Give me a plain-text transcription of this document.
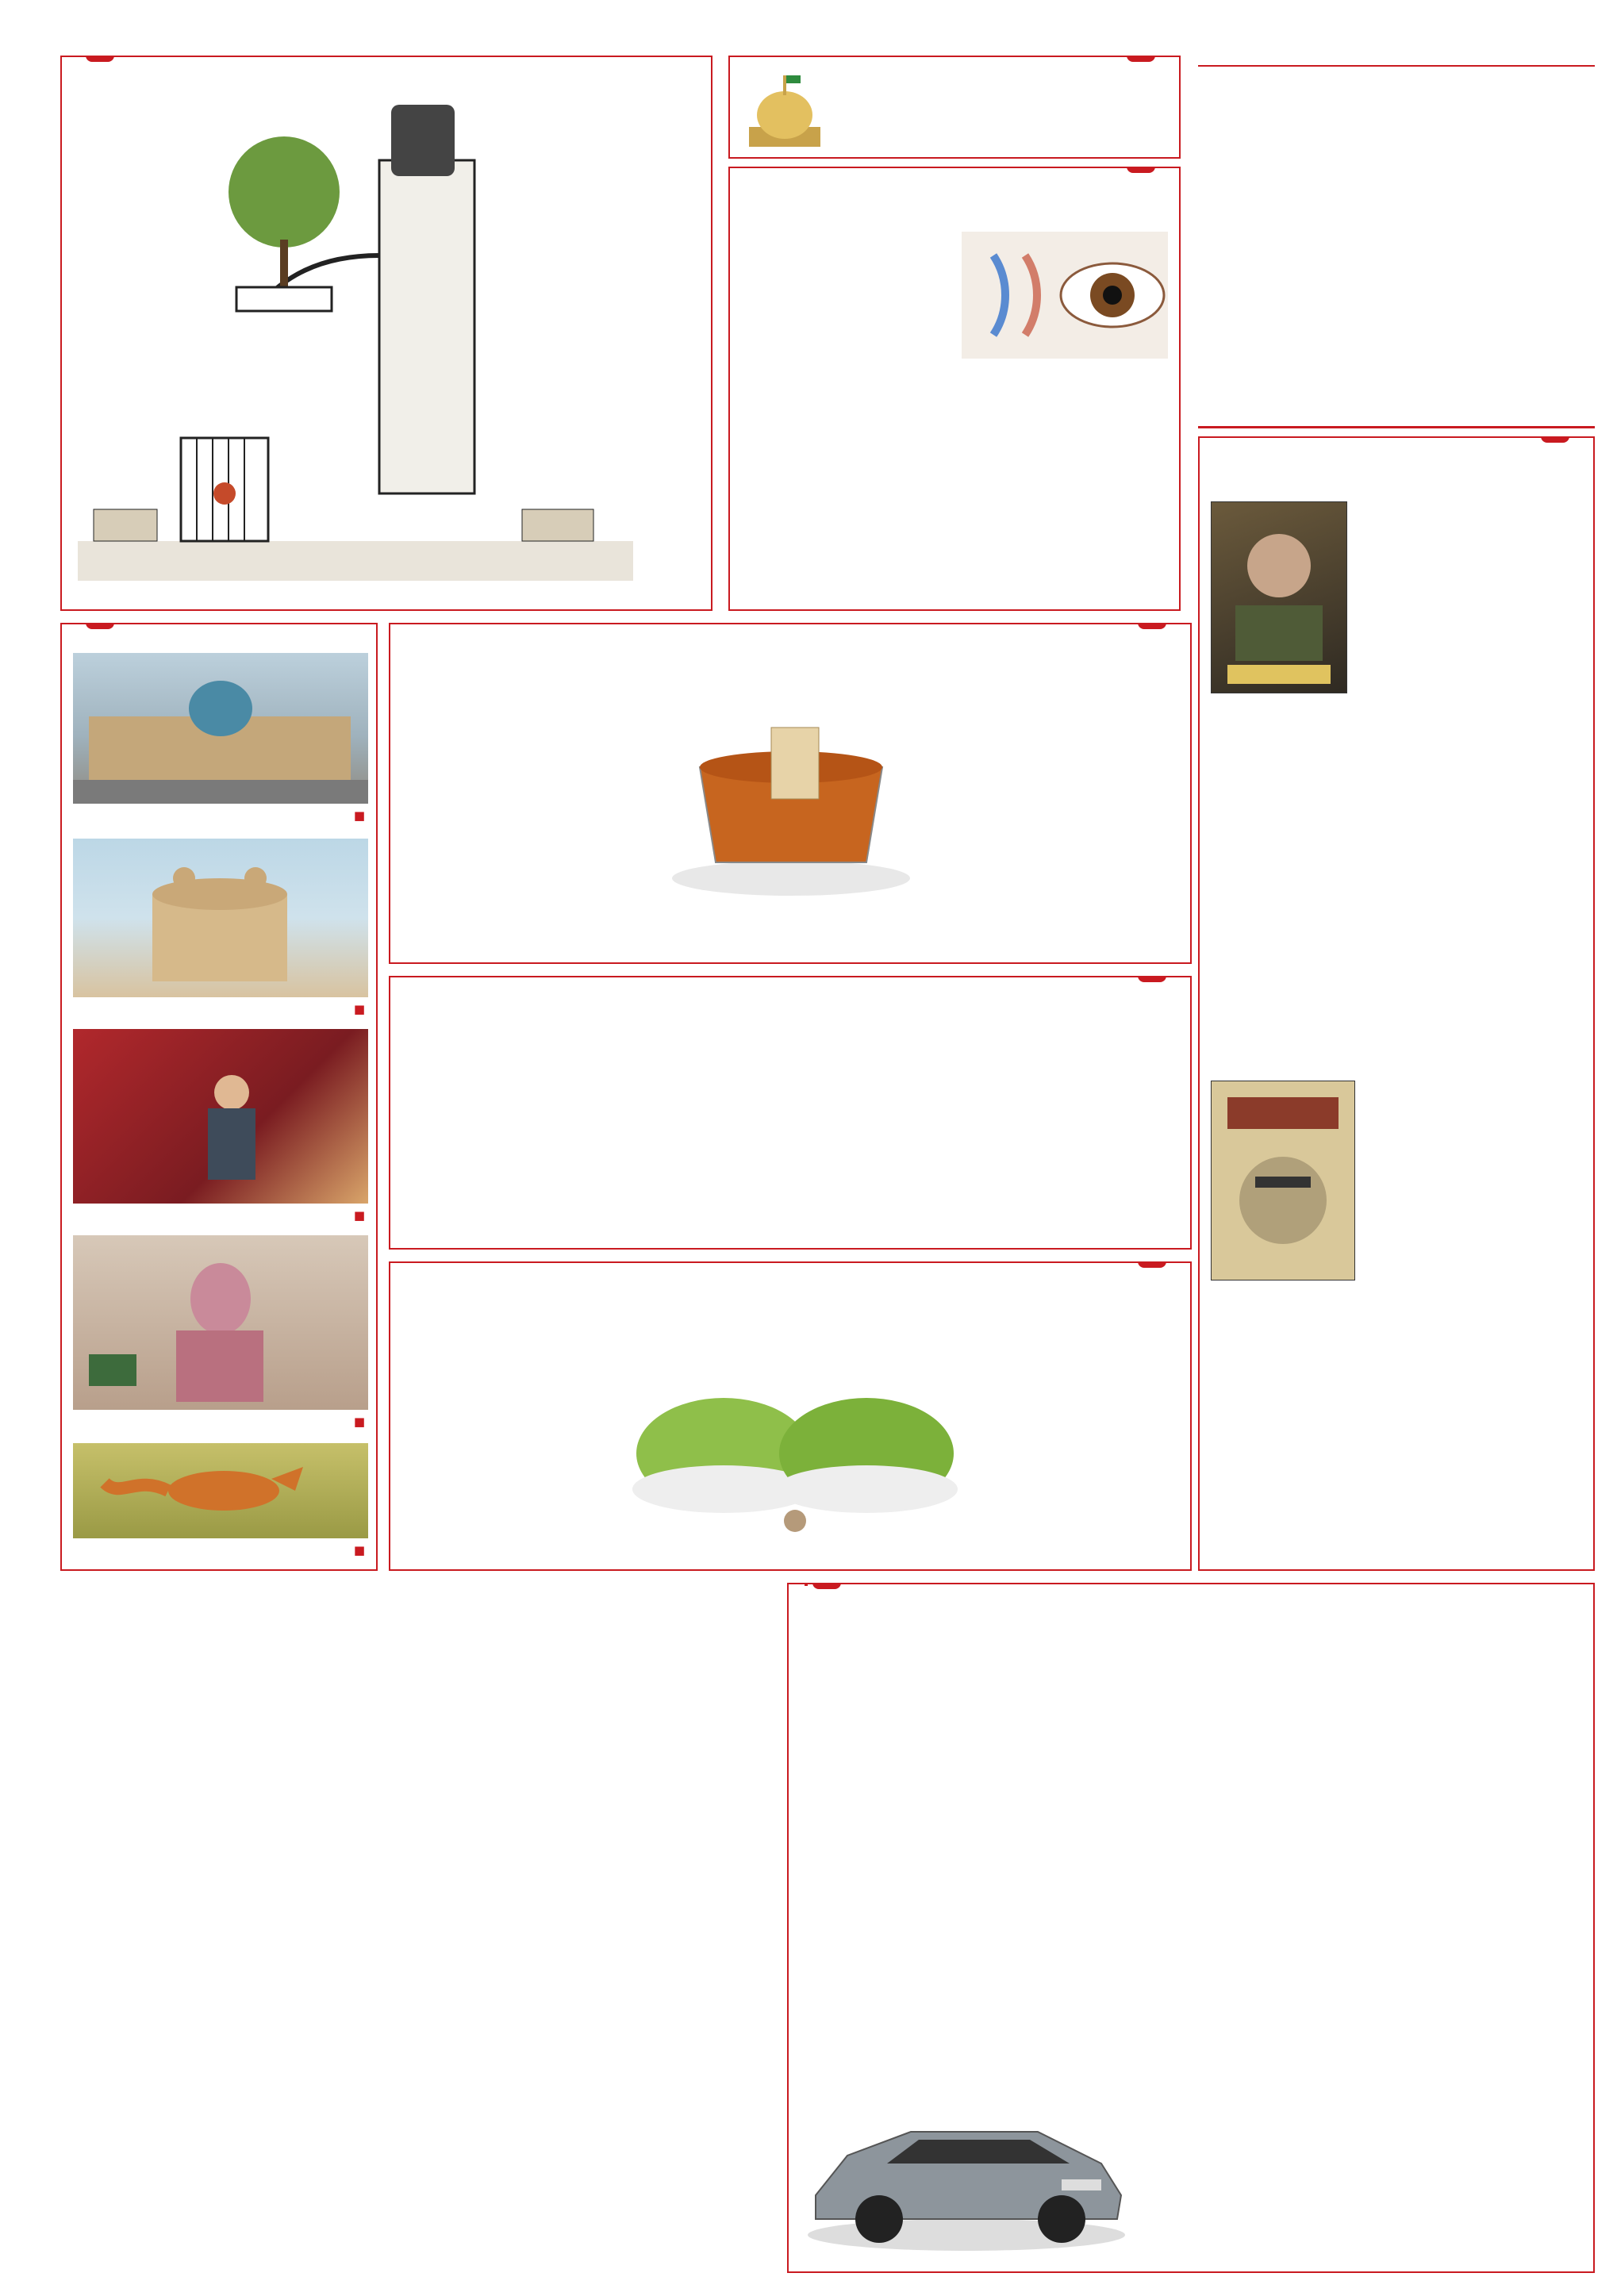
■
■
■
■
■
